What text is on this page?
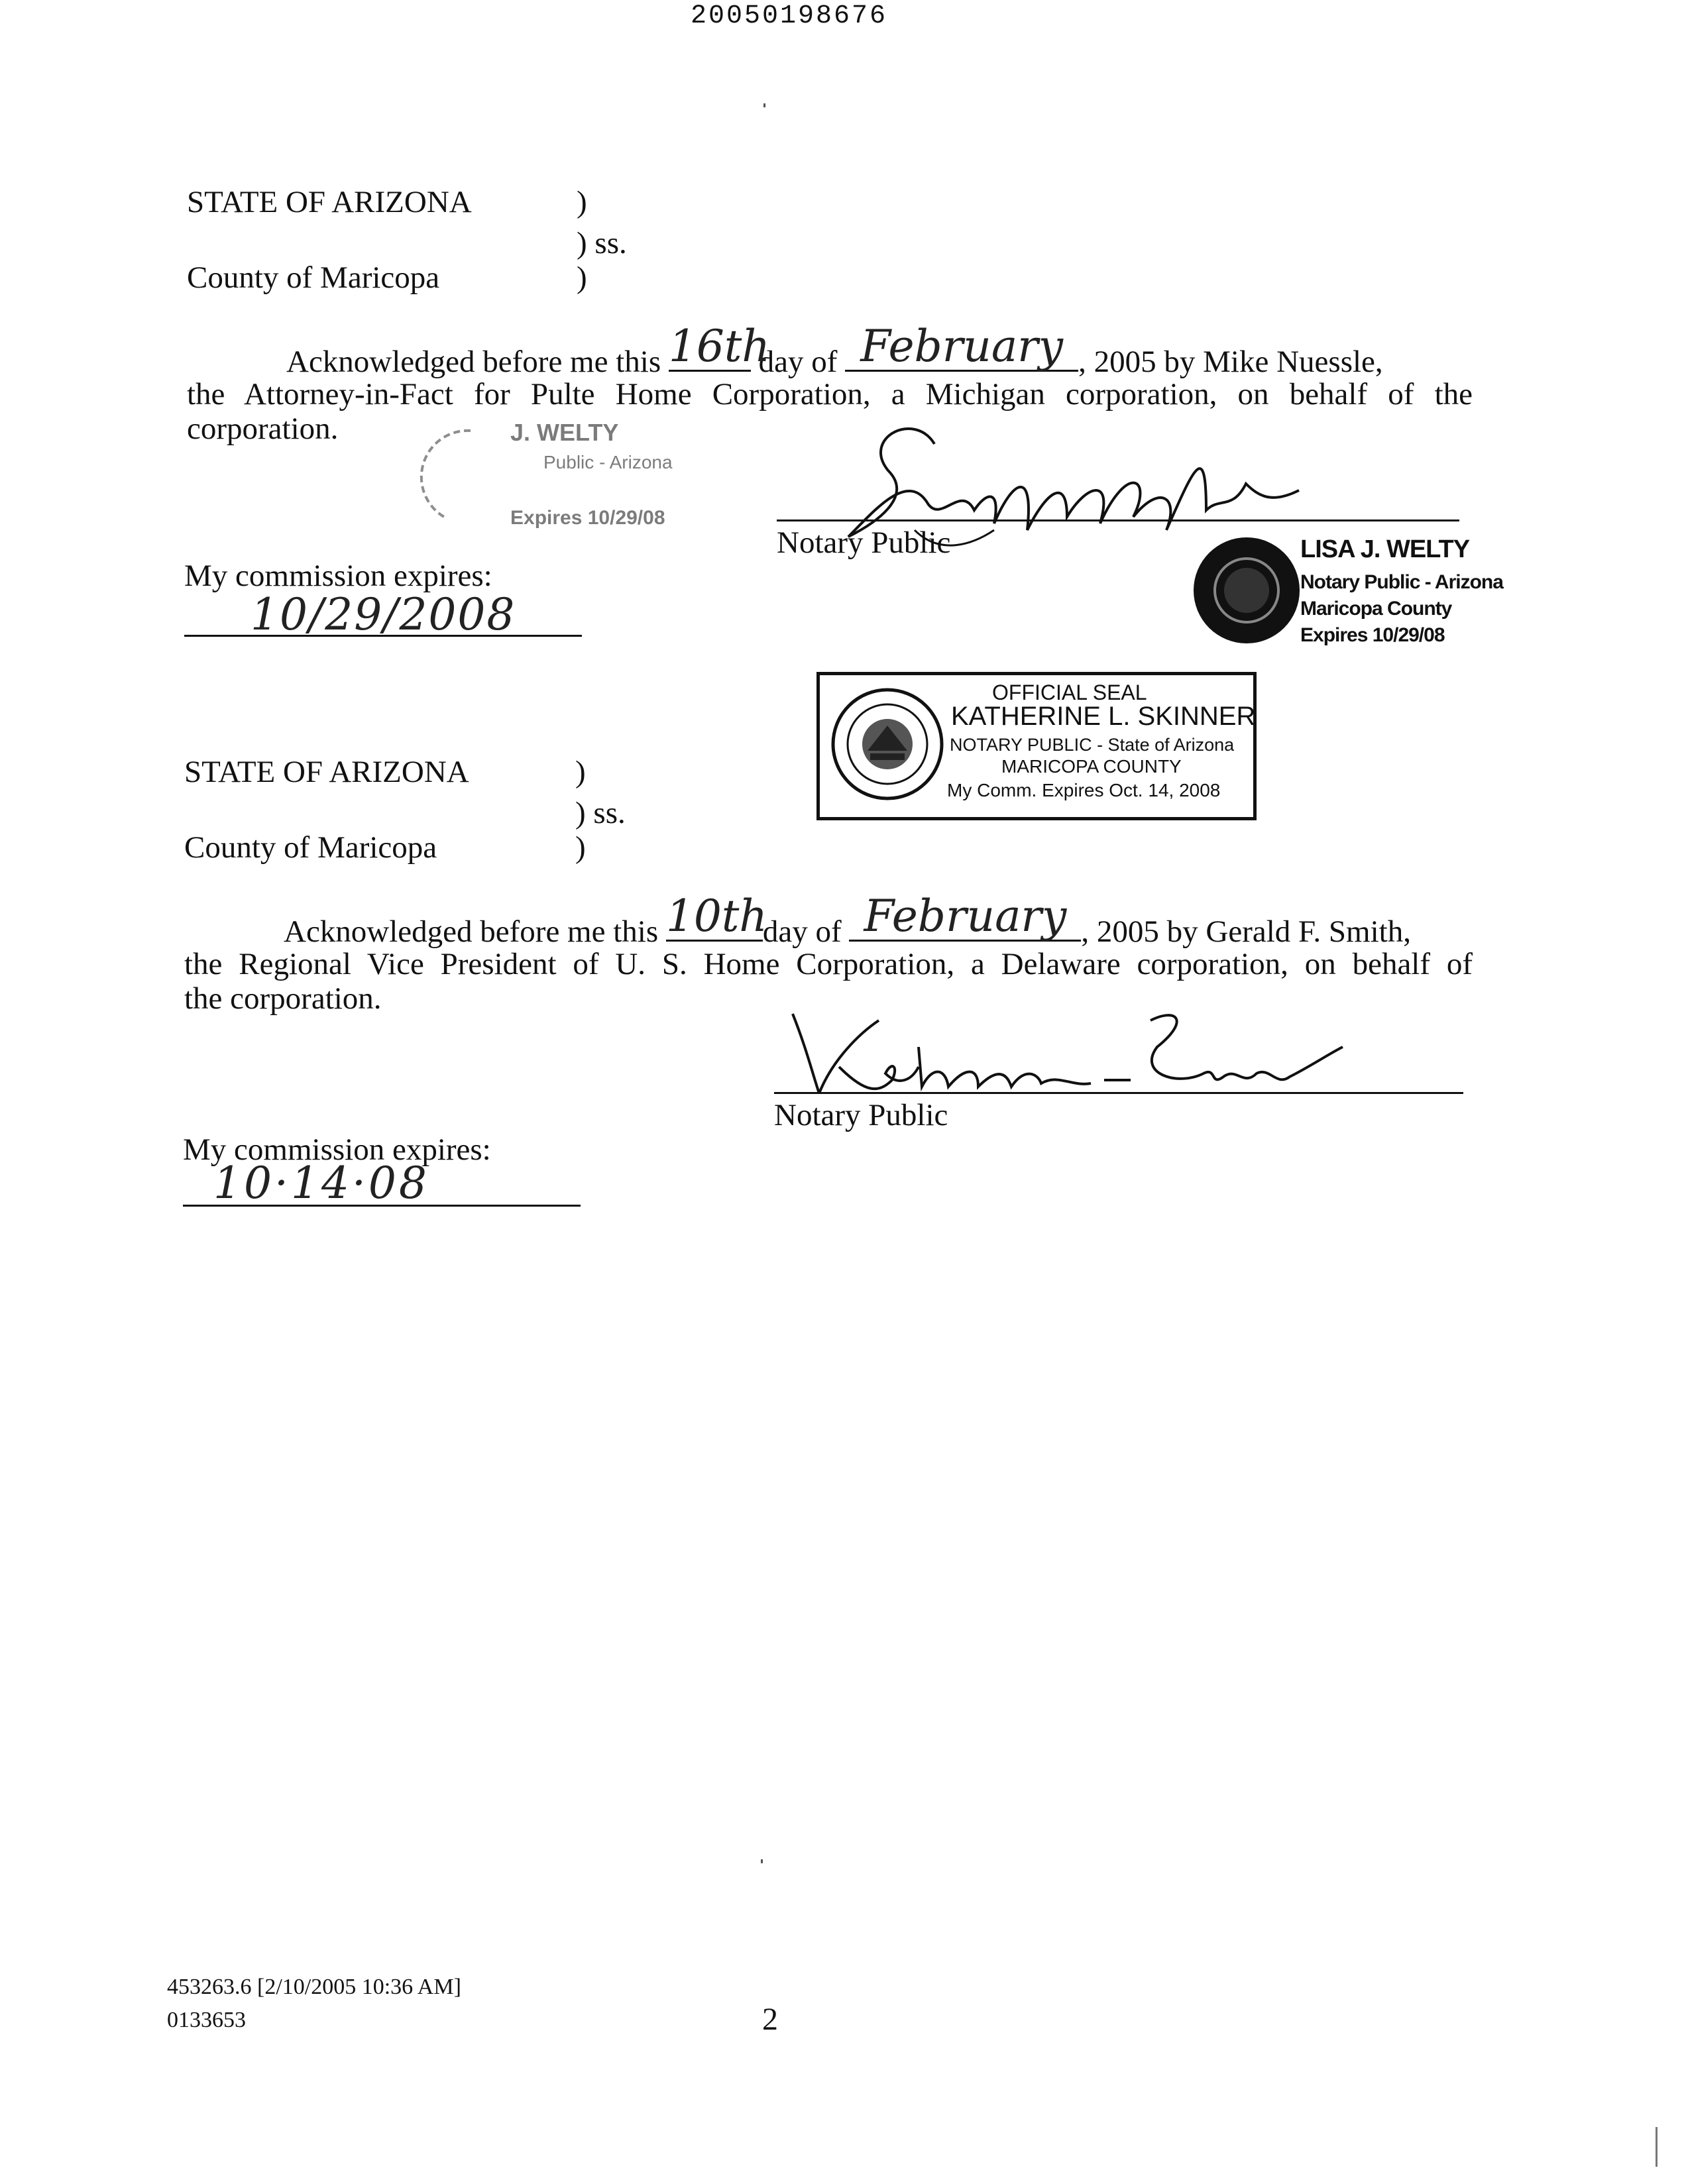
20050198676
STATE OF ARIZONA	)
) ss.
County of Maricopa	)
Acknowledged before me this 16th
day of February , 2005 by Mike Nuessle,
the Attorney-in-Fact for Pulte Home Corporation, a Michigan corporation, on behalf of the
corporation.	J. WELTY
Public - Arizona
Expires 10/29/08
Notary Public	LISA J. WELTY
Notary Public - Arizona
Maricopa County
Expires 10/29/08
My commission expires:
10/29/2008
OFFICIAL SEAL
KATHERINE L. SKINNER
NOTARY PUBLIC - State of Arizona
MARICOPA COUNTY
My Comm. Expires Oct. 14, 2008
STATE OF ARIZONA	)
) ss.
County of Maricopa	)
Acknowledged before me this 10th
day of February , 2005 by Gerald F. Smith,
the Regional Vice President of U. S. Home Corporation, a Delaware corporation, on behalf of
the corporation.
Notary Public
My commission expires:
10·14·08
453263.6 [2/10/2005 10:36 AM]
0133653	2
